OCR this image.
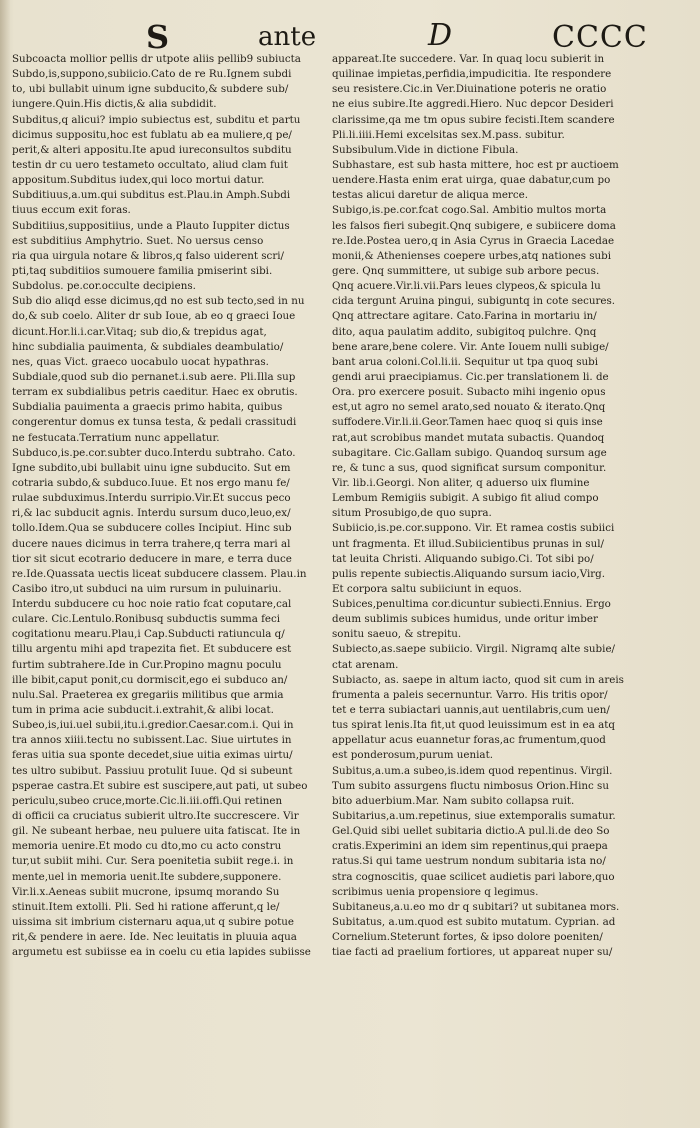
S	ante	D	CCCC
Subcoacta mollior pellis dr utpote aliis pellib9 subiucta
Subdo,is,suppono,subiicio.Cato de re Ru.Ignem subdi
to, ubi bullabit uinum igne subducito,& subdere sub/
iungere.Quin.His dictis,& alia subdidit.
Subditus,q alicui? impio subiectus est, subditu et partu
dicimus suppositu,hoc est fublatu ab ea muliere,q pe/
perit,& alteri appositu.Ite apud iureconsultos subditu
testin dr cu uero testameto occultato, aliud clam fuit
appositum.Subditus iudex,qui loco mortui datur.
Subditiuus,a.um.qui subditus est.Plau.in Amph.Subdi
tiuus eccum exit foras.
Subditiius,suppositiius, unde a Plauto Iuppiter dictus
est subditiius Amphytrio. Suet. No uersus censo
ria qua uirgula notare & libros,q falso uiderent scri/
pti,taq subditiios sumouere familia pmiserint sibi.
Subdolus. pe.cor.occulte decipiens.
Sub dio aliqd esse dicimus,qd no est sub tecto,sed in nu
do,& sub coelo. Aliter dr sub Ioue, ab eo q graeci Ioue
dicunt.Hor.li.i.car.Vitaq; sub dio,& trepidus agat,
hinc subdialia pauimenta, & subdiales deambulatio/
nes, quas Vict. graeco uocabulo uocat hypathras.
Subdiale,quod sub dio pernanet.i.sub aere. Pli.Illa sup
terram ex subdialibus petris caeditur. Haec ex obrutis.
Subdialia pauimenta a graecis primo habita, quibus
congerentur domus ex tunsa testa, & pedali crassitudi
ne festucata.Terratium nunc appellatur.
Subduco,is.pe.cor.subter duco.Interdu subtraho. Cato.
Igne subdito,ubi bullabit uinu igne subducito. Sut em
cotraria subdo,& subduco.Iuue. Et nos ergo manu fe/
rulae subduximus.Interdu surripio.Vir.Et succus peco
ri,& lac subducit agnis. Interdu sursum duco,leuo,ex/
tollo.Idem.Qua se subducere colles Incipiut. Hinc sub
ducere naues dicimus in terra trahere,q terra mari al
tior sit sicut ecotrario deducere in mare, e terra duce
re.Ide.Quassata uectis liceat subducere classem. Plau.in
Casibo itro,ut subduci na uim rursum in puluinariu.
Interdu subducere cu hoc noie ratio fcat coputare,cal
culare. Cic.Lentulo.Ronibusq subductis summa feci
cogitationu mearu.Plau,i Cap.Subducti ratiuncula q/
tillu argentu mihi apd trapezita fiet. Et subducere est
furtim subtrahere.Ide in Cur.Propino magnu poculu
ille bibit,caput ponit,cu dormiscit,ego ei subduco an/
nulu.Sal. Praeterea ex gregariis militibus que armia
tum in prima acie subducit.i.extrahit,& alibi locat.
Subeo,is,iui.uel subii,itu.i.gredior.Caesar.com.i. Qui in
tra annos xiiii.tectu no subissent.Lac. Siue uirtutes in
feras uitia sua sponte decedet,siue uitia eximas uirtu/
tes ultro subibut. Passiuu protulit Iuue. Qd si subeunt
psperae castra.Et subire est suscipere,aut pati, ut subeo
periculu,subeo cruce,morte.Cic.li.iii.offi.Qui retinen
di officii ca cruciatus subierit ultro.Ite succrescere. Vir
gil. Ne subeant herbae, neu puluere uita fatiscat. Ite in
memoria uenire.Et modo cu dto,mo cu acto constru
tur,ut subiit mihi. Cur. Sera poenitetia subiit rege.i. in
mente,uel in memoria uenit.Ite subdere,supponere.
Vir.li.x.Aeneas subiit mucrone, ipsumq morando Su
stinuit.Item extolli. Pli. Sed hi ratione afferunt,q le/
uissima sit imbrium cisternaru aqua,ut q subire potue
rit,& pendere in aere. Ide. Nec leuitatis in pluuia aqua
argumetu est subiisse ea in coelu cu etia lapides subiisse
appareat.Ite succedere. Var. In quaq locu subierit in
quilinae impietas,perfidia,impudicitia. Ite respondere
seu resistere.Cic.in Ver.Diuinatione poteris ne oratio
ne eius subire.Ite aggredi.Hiero. Nuc depcor Desideri
clarissime,qa me tm opus subire fecisti.Item scandere
Pli.li.iiii.Hemi excelsitas sex.M.pass. subitur.
Subsibulum.Vide in dictione Fibula.
Subhastare, est sub hasta mittere, hoc est pr auctioem
uendere.Hasta enim erat uirga, quae dabatur,cum po
testas alicui daretur de aliqua merce.
Subigo,is.pe.cor.fcat cogo.Sal. Ambitio multos morta
les falsos fieri subegit.Qnq subigere, e subiicere doma
re.Ide.Postea uero,q in Asia Cyrus in Graecia Lacedae
monii,& Athenienses coepere urbes,atq nationes subi
gere. Qnq summittere, ut subige sub arbore pecus.
Qnq acuere.Vir.li.vii.Pars leues clypeos,& spicula lu
cida tergunt Aruina pingui, subiguntq in cote secures.
Qnq attrectare agitare. Cato.Farina in mortariu in/
dito, aqua paulatim addito, subigitoq pulchre. Qnq
bene arare,bene colere. Vir. Ante Iouem nulli subige/
bant arua coloni.Col.li.ii. Sequitur ut tpa quoq subi
gendi arui praecipiamus. Cic.per translationem li. de
Ora. pro exercere posuit. Subacto mihi ingenio opus
est,ut agro no semel arato,sed nouato & iterato.Qnq
suffodere.Vir.li.ii.Geor.Tamen haec quoq si quis inse
rat,aut scrobibus mandet mutata subactis. Quandoq
subagitare. Cic.Gallam subigo. Quandoq sursum age
re, & tunc a sus, quod significat sursum componitur.
Vir. lib.i.Georgi. Non aliter, q aduerso uix flumine
Lembum Remigiis subigit. A subigo fit aliud compo
situm Prosubigo,de quo supra.
Subiicio,is.pe.cor.suppono. Vir. Et ramea costis subiici
unt fragmenta. Et illud.Subiicientibus prunas in sul/
tat leuita Christi. Aliquando subigo.Ci. Tot sibi po/
pulis repente subiectis.Aliquando sursum iacio,Virg.
Et corpora saltu subiiciunt in equos.
Subices,penultima cor.dicuntur subiecti.Ennius. Ergo
deum sublimis subices humidus, unde oritur imber
sonitu saeuo, & strepitu.
Subiecto,as.saepe subiicio. Virgil. Nigramq alte subie/
ctat arenam.
Subiacto, as. saepe in altum iacto, quod sit cum in areis
frumenta a paleis secernuntur. Varro. His tritis opor/
tet e terra subiactari uannis,aut uentilabris,cum uen/
tus spirat lenis.Ita fit,ut quod leuissimum est in ea atq
appellatur acus euannetur foras,ac frumentum,quod
est ponderosum,purum ueniat.
Subitus,a.um.a subeo,is.idem quod repentinus. Virgil.
Tum subito assurgens fluctu nimbosus Orion.Hinc su
bito aduerbium.Mar. Nam subito collapsa ruit.
Subitarius,a.um.repetinus, siue extemporalis sumatur.
Gel.Quid sibi uellet subitaria dictio.A pul.li.de deo So
cratis.Experimini an idem sim repentinus,qui praepa
ratus.Si qui tame uestrum nondum subitaria ista no/
stra cognoscitis, quae scilicet audietis pari labore,quo
scribimus uenia propensiore q legimus.
Subitaneus,a.u.eo mo dr q subitari? ut subitanea mors.
Subitatus, a.um.quod est subito mutatum. Cyprian. ad
Cornelium.Steterunt fortes, & ipso dolore poeniten/
tiae facti ad praelium fortiores, ut appareat nuper su/
